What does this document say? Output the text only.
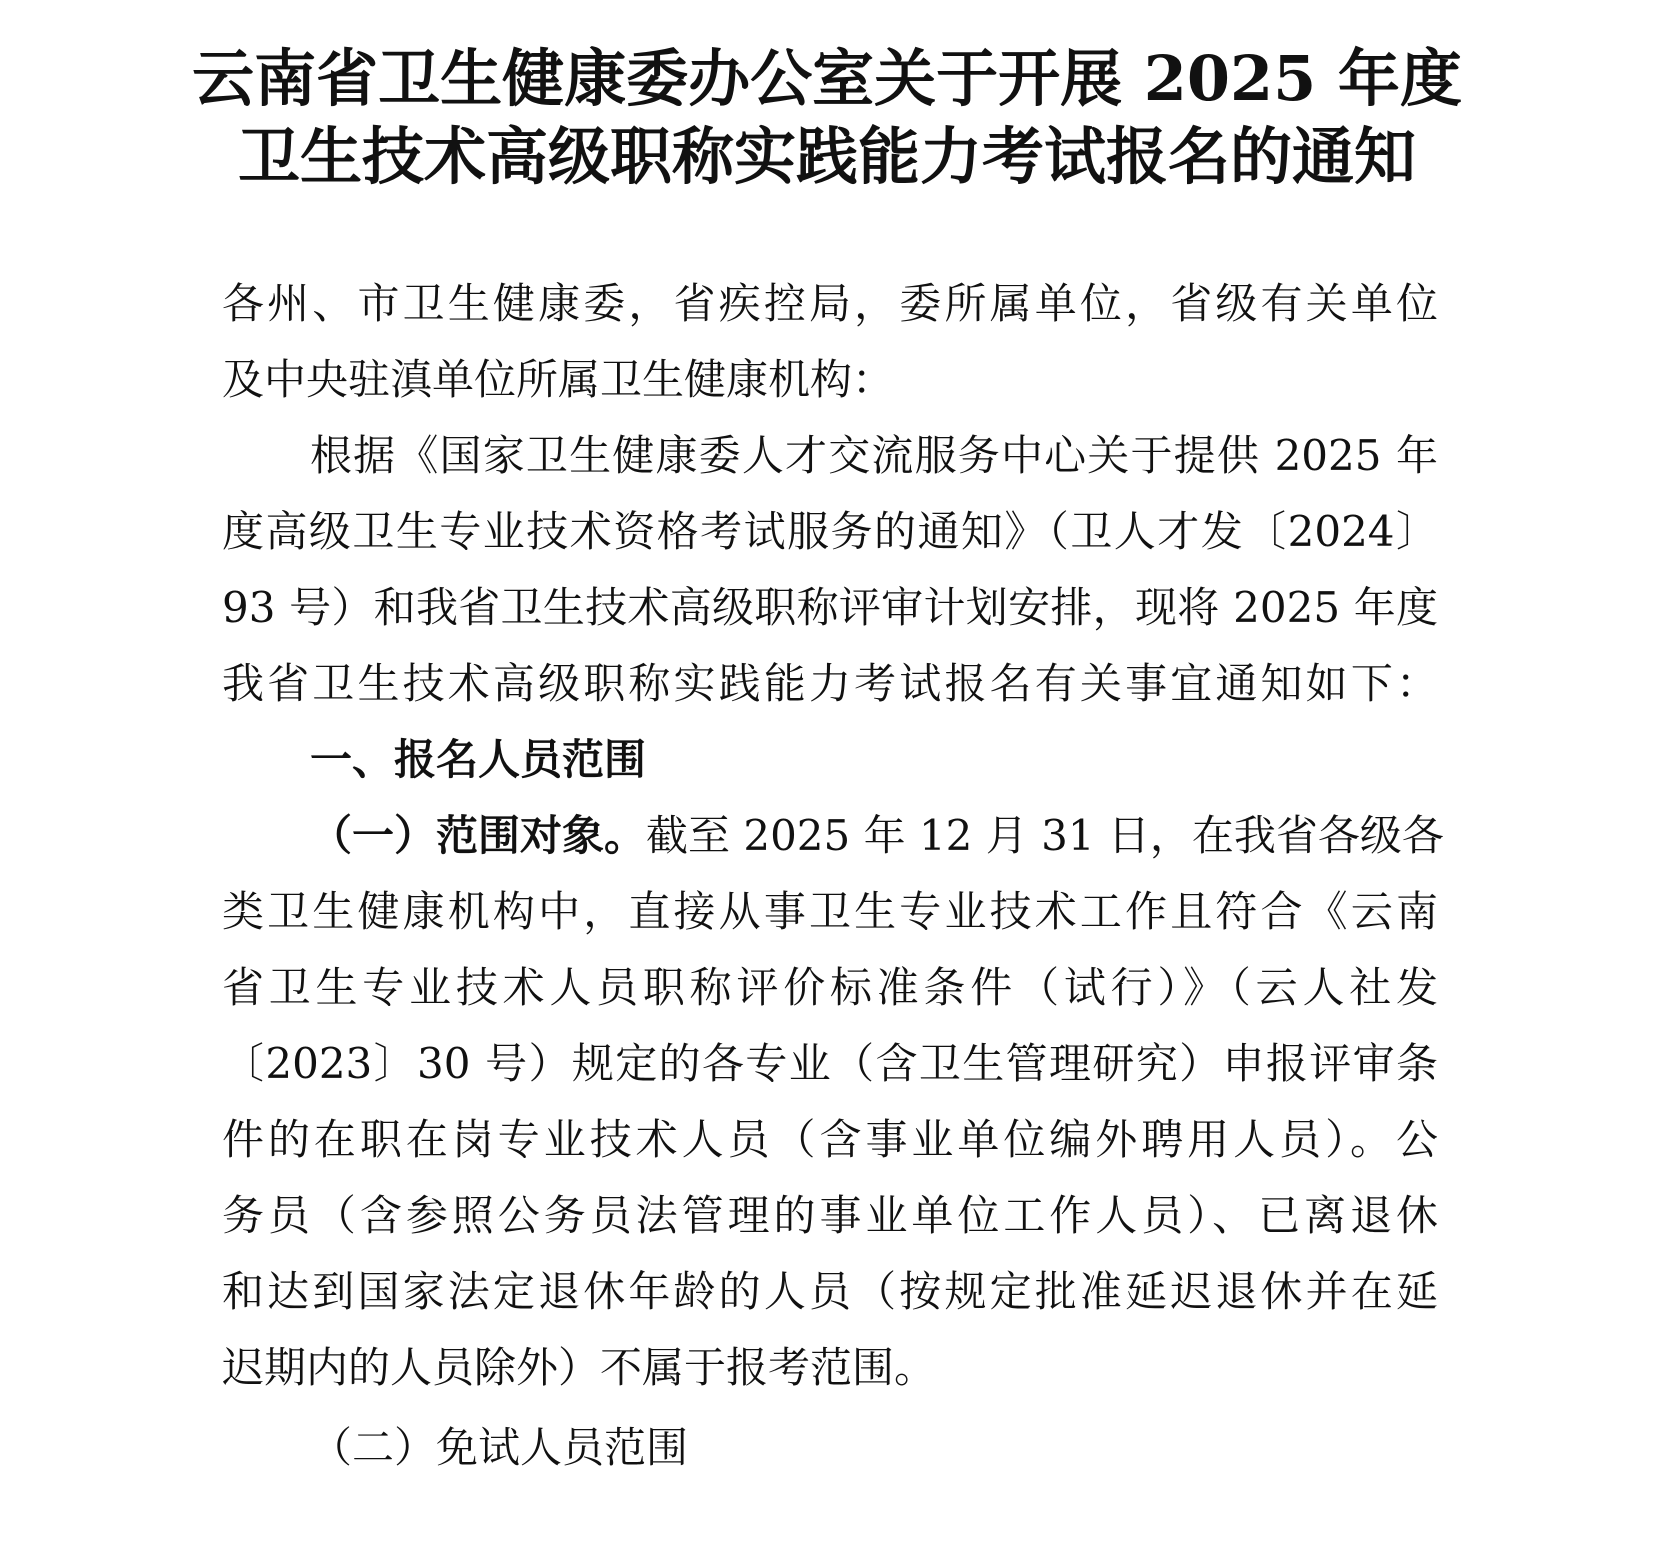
云南省卫生健康委办公室关于开展 2025 年度
卫生技术高级职称实践能力考试报名的通知
各州、市卫生健康委，省疾控局，委所属单位，省级有关单位
及中央驻滇单位所属卫生健康机构：
根据《国家卫生健康委人才交流服务中心关于提供 2025 年
度高级卫生专业技术资格考试服务的通知》（卫人才发〔2024〕
93 号）和我省卫生技术高级职称评审计划安排，现将 2025 年度
我省卫生技术高级职称实践能力考试报名有关事宜通知如下：
一、报名人员范围
（一）范围对象。 截至 2025 年 12 月 31 日，在我省各级各
类卫生健康机构中，直接从事卫生专业技术工作且符合《云南
省卫生专业技术人员职称评价标准条件（试行）》（云人社发
〔2023〕30 号）规定的各专业（含卫生管理研究）申报评审条
件的在职在岗专业技术人员（含事业单位编外聘用人员）。公
务员（含参照公务员法管理的事业单位工作人员）、已离退休
和达到国家法定退休年龄的人员（按规定批准延迟退休并在延
迟期内的人员除外）不属于报考范围。
（二）免试人员范围
